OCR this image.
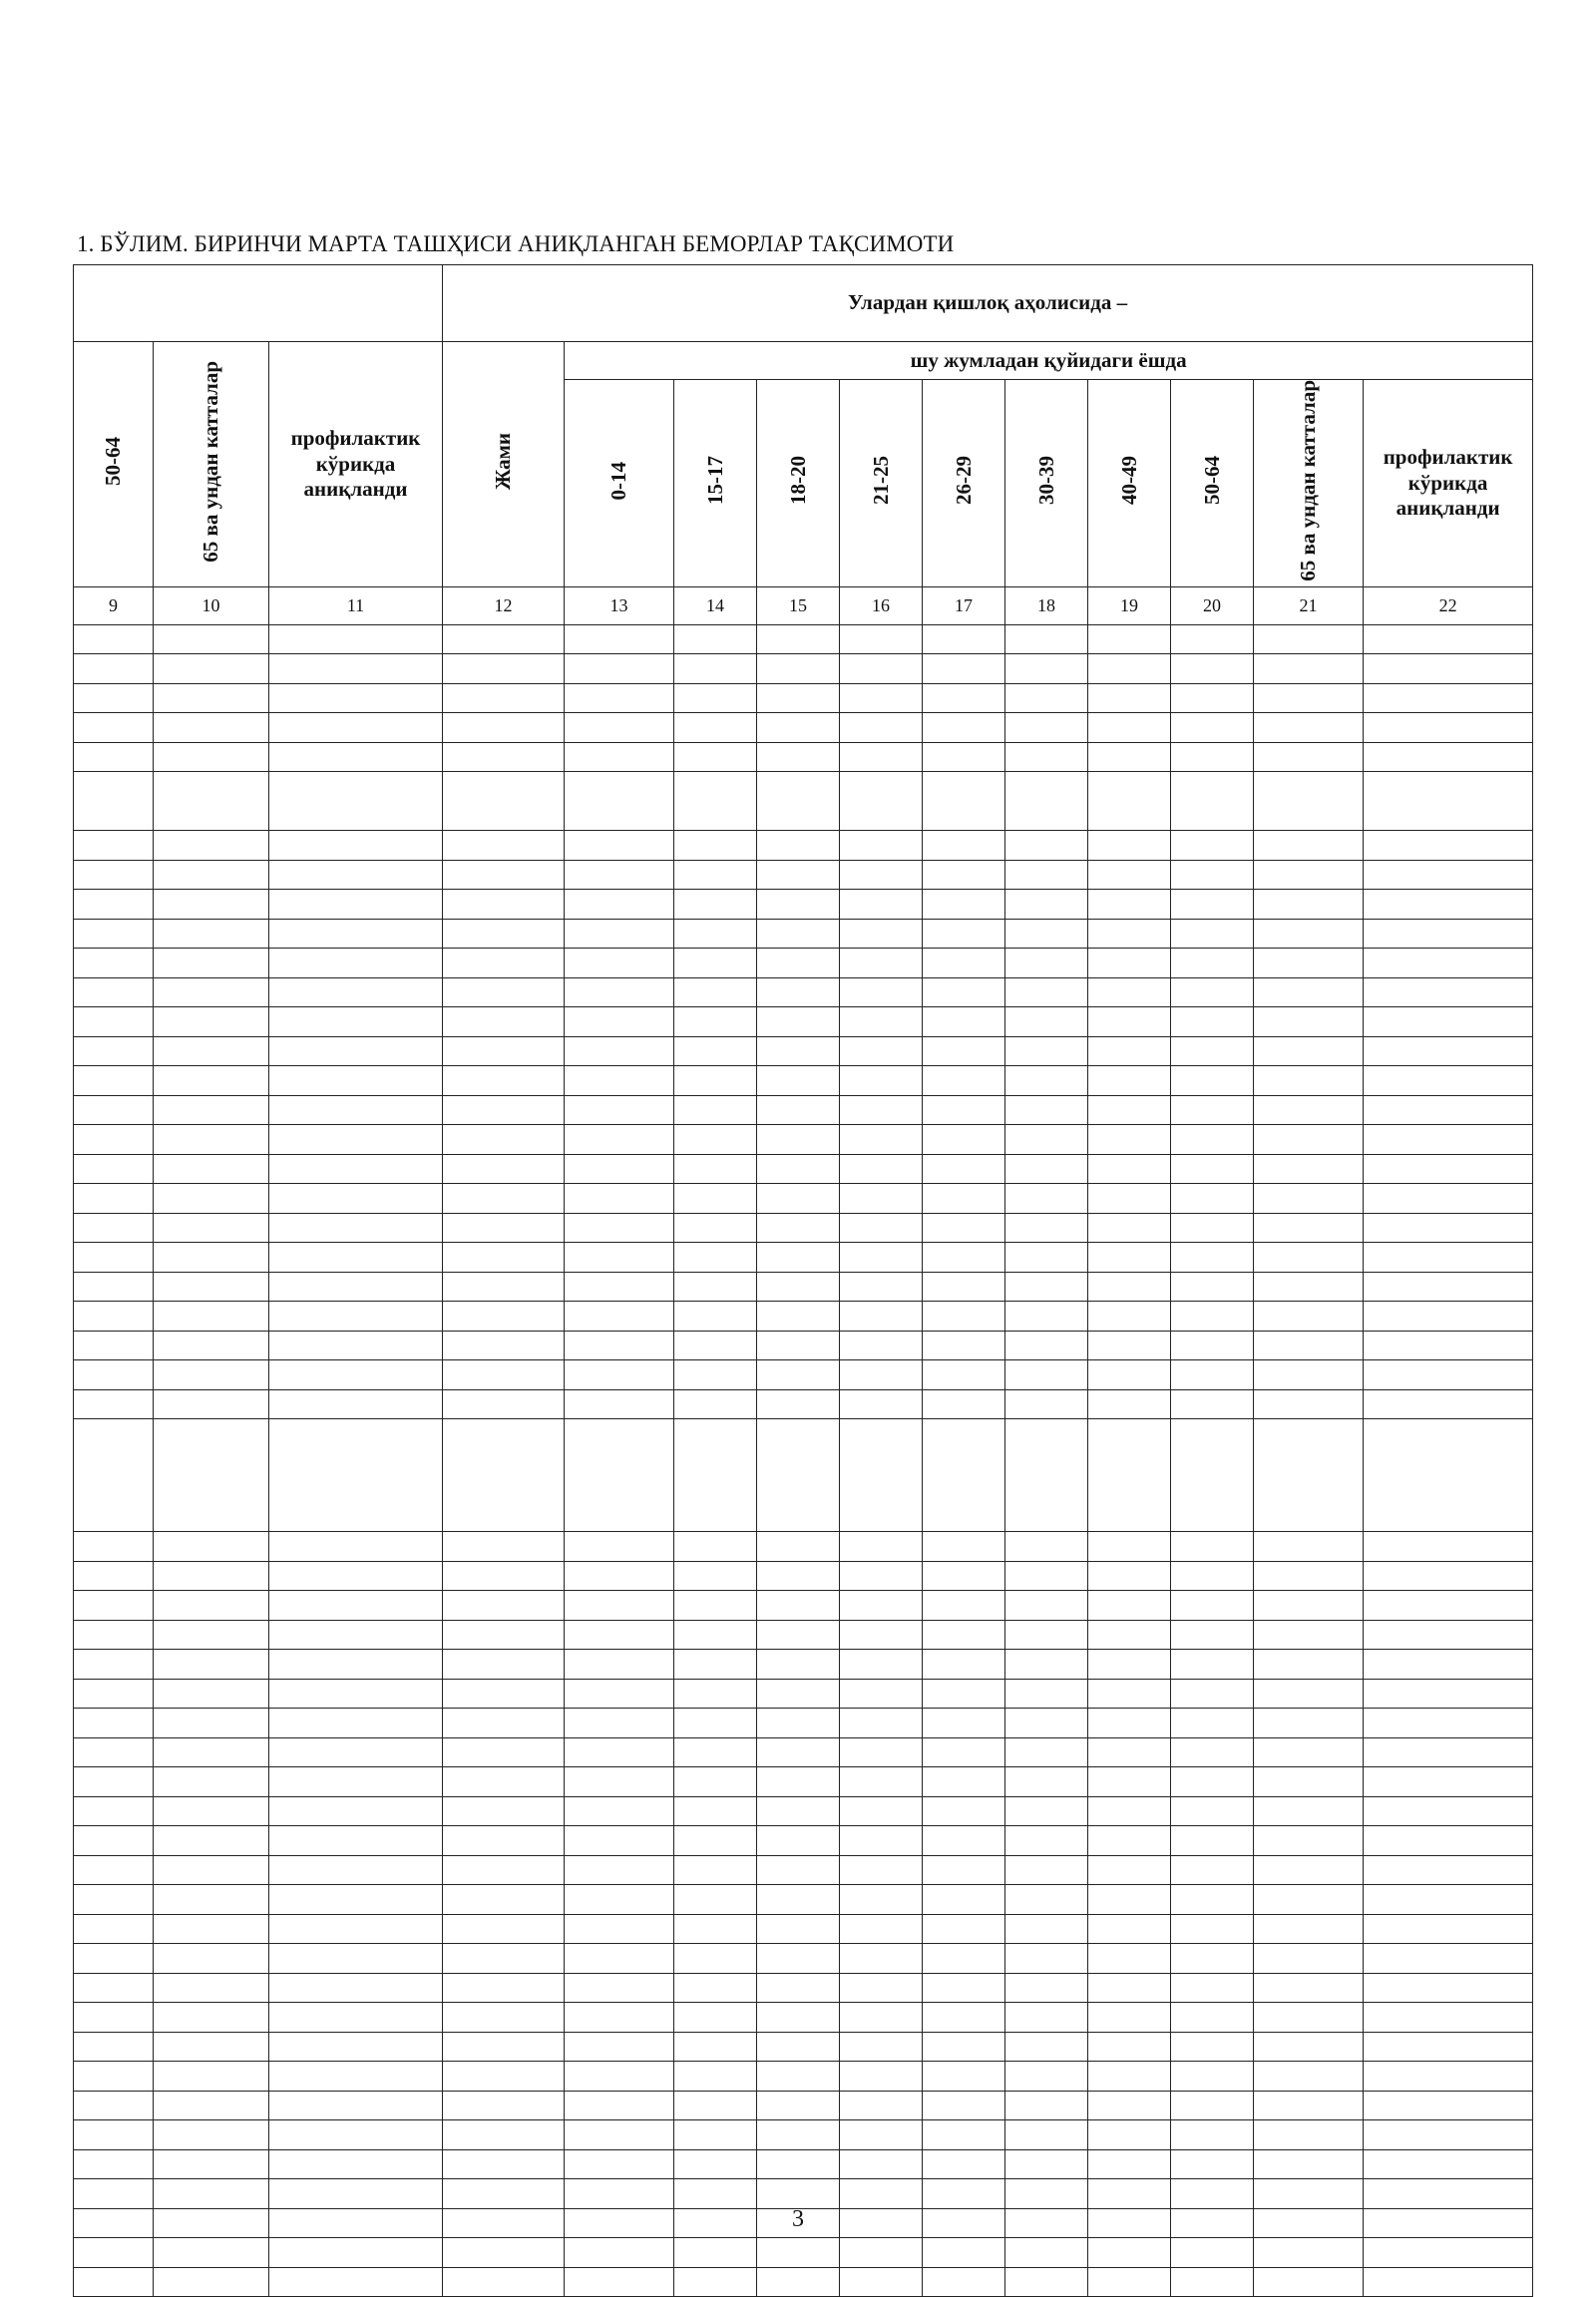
1. БЎЛИМ. БИРИНЧИ МАРТА ТАШҲИСИ АНИҚЛАНГАН БЕМОРЛАР ТАҚСИМОТИ
			Улардан қишлоқ аҳолисида –										
50-64	65 ва ундан катталар	профилактик кўрикда аниқланди	Жами	шу жумладан қуйидаги ёшда									
				0-14	15-17	18-20	21-25	26-29	30-39	40-49	50-64	65 ва ундан катталар	профилактик кўрикда аниқланди
9	10	11	12	13	14	15	16	17	18	19	20	21	22

3
